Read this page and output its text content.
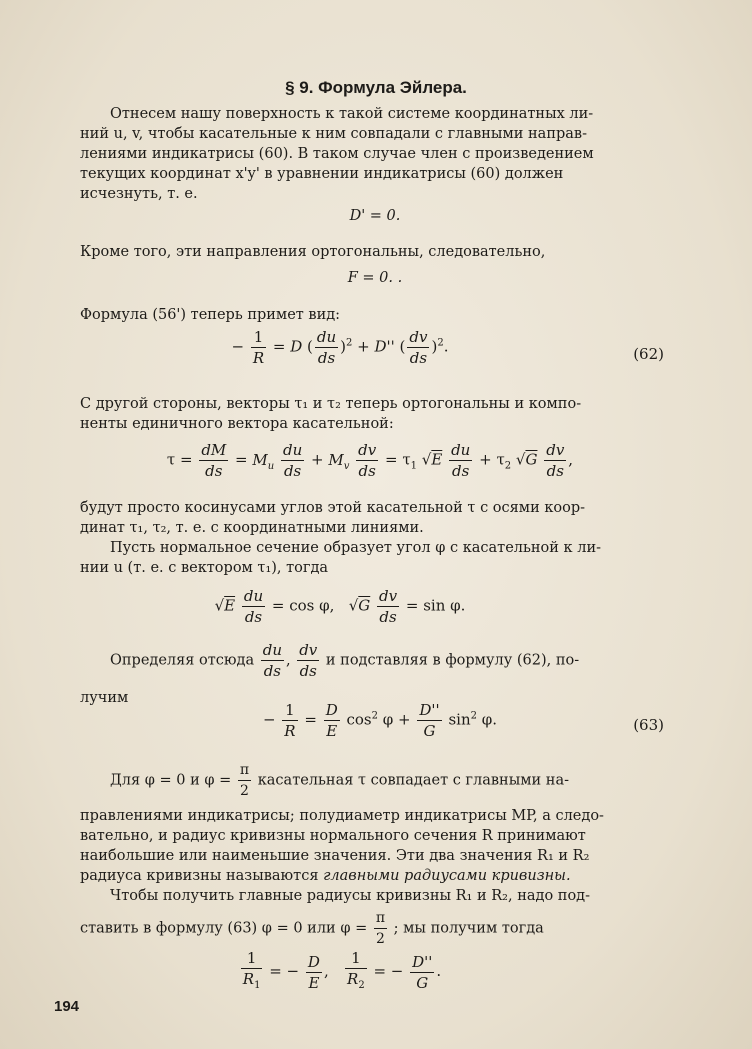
§ 9. Формула Эйлера.
Отнесем нашу поверхность к такой системе координатных ли-
ний u, v, чтобы касательные к ним совпадали с главными направ-
лениями индикатрисы (60). В таком случае член с произведением
текущих координат x'y' в уравнении индикатрисы (60) должен
исчезнуть, т. е.
D' = 0.
Кроме того, эти направления ортогональны, следовательно,
F = 0. .
Формула (56') теперь примет вид:
− $\frac{1}{R} = D$ ( $\frac{du}{ds} )^2 + D''$ ( $\frac{dv}{ds} )^2$.	(62)
С другой стороны, векторы τ₁ и τ₂ теперь ортогональны и компо-
ненты единичного вектора касательной:
$\tau = \frac{dM}{ds} = M_u \frac{du}{ds} + M_v \frac{dv}{ds} = \tau_1$ $√E \frac{du}{ds} + \tau_2$ $√G \frac{dv}{ds}$ ,
будут просто косинусами углов этой касательной τ с осями коор-
динат τ₁, τ₂, т. е. с координатными линиями.
Пусть нормальное сечение образует угол φ с касательной к ли-
нии u (т. е. с вектором τ₁), тогда
$√E \frac{du}{ds} = \cos \varphi$,   $√G \frac{dv}{ds} = \sin \varphi$.
Определяя отсюда $\frac{du}{ds}$ , $\frac{dv}{ds}$ и подставляя в формулу (62), по-
лучим
− $\frac{1}{R} = \frac{D}{E} \cos^2 \varphi + \frac{D''}{G} \sin^2 \varphi$.	(63)
Для φ = 0 и $\varphi = \frac{\pi}{2}$ касательная τ совпадает с главными на-
правлениями индикатрисы; полудиаметр индикатрисы MP, а следо-
вательно, и радиус кривизны нормального сечения R принимают
наибольшие или наименьшие значения. Эти два значения R₁ и R₂
радиуса кривизны называются главными радиусами кривизны.
Чтобы получить главные радиусы кривизны R₁ и R₂, надо под-
ставить в формулу (63) φ = 0 или $\varphi = \frac{\pi}{2}$ ; мы получим тогда
$\frac{1}{R_1}$ = − $\frac{D}{E}$ , $\frac{1}{R_2}$ = − $\frac{D''}{G}$ .
194
